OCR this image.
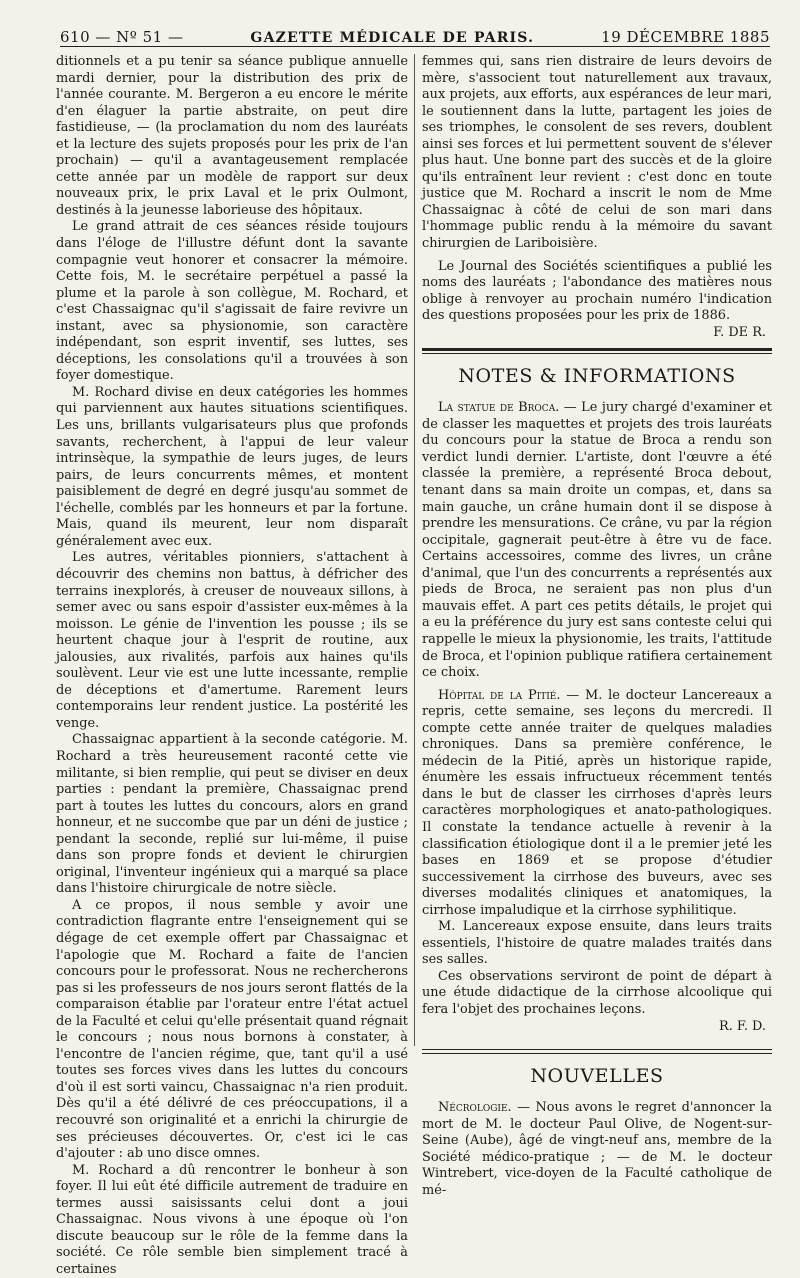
610 — Nº 51 —	GAZETTE MÉDICALE DE PARIS.	19 DÉCEMBRE 1885

ditionnels et a pu tenir sa séance publique annuelle mardi dernier, pour la distribution des prix de l'année courante. M. Bergeron a eu encore le mérite d'en élaguer la partie abstraite, on peut dire fastidieuse, — (la proclamation du nom des lauréats et la lecture des sujets proposés pour les prix de l'an prochain) — qu'il a avantageusement remplacée cette année par un modèle de rapport sur deux nouveaux prix, le prix Laval et le prix Oulmont, destinés à la jeunesse laborieuse des hôpitaux.

Le grand attrait de ces séances réside toujours dans l'éloge de l'illustre défunt dont la savante compagnie veut honorer et consacrer la mémoire. Cette fois, M. le secrétaire perpétuel a passé la plume et la parole à son collègue, M. Rochard, et c'est Chassaignac qu'il s'agissait de faire revivre un instant, avec sa physionomie, son caractère indépendant, son esprit inventif, ses luttes, ses déceptions, les consolations qu'il a trouvées à son foyer domestique.

M. Rochard divise en deux catégories les hommes qui parviennent aux hautes situations scientifiques. Les uns, brillants vulgarisateurs plus que profonds savants, recherchent, à l'appui de leur valeur intrinsèque, la sympathie de leurs juges, de leurs pairs, de leurs concurrents mêmes, et montent paisiblement de degré en degré jusqu'au sommet de l'échelle, comblés par les honneurs et par la fortune. Mais, quand ils meurent, leur nom disparaît généralement avec eux.

Les autres, véritables pionniers, s'attachent à découvrir des chemins non battus, à défricher des terrains inexplorés, à creuser de nouveaux sillons, à semer avec ou sans espoir d'assister eux-mêmes à la moisson. Le génie de l'invention les pousse ; ils se heurtent chaque jour à l'esprit de routine, aux jalousies, aux rivalités, parfois aux haines qu'ils soulèvent. Leur vie est une lutte incessante, remplie de déceptions et d'amertume. Rarement leurs contemporains leur rendent justice. La postérité les venge.

Chassaignac appartient à la seconde catégorie. M. Rochard a très heureusement raconté cette vie militante, si bien remplie, qui peut se diviser en deux parties : pendant la première, Chassaignac prend part à toutes les luttes du concours, alors en grand honneur, et ne succombe que par un déni de justice ; pendant la seconde, replié sur lui-même, il puise dans son propre fonds et devient le chirurgien original, l'inventeur ingénieux qui a marqué sa place dans l'histoire chirurgicale de notre siècle.

A ce propos, il nous semble y avoir une contradiction flagrante entre l'enseignement qui se dégage de cet exemple offert par Chassaignac et l'apologie que M. Rochard a faite de l'ancien concours pour le professorat. Nous ne rechercherons pas si les professeurs de nos jours seront flattés de la comparaison établie par l'orateur entre l'état actuel de la Faculté et celui qu'elle présentait quand régnait le concours ; nous nous bornons à constater, à l'encontre de l'ancien régime, que, tant qu'il a usé toutes ses forces vives dans les luttes du concours d'où il est sorti vaincu, Chassaignac n'a rien produit. Dès qu'il a été délivré de ces préoccupations, il a recouvré son originalité et a enrichi la chirurgie de ses précieuses découvertes. Or, c'est ici le cas d'ajouter : ab uno disce omnes.

M. Rochard a dû rencontrer le bonheur à son foyer. Il lui eût été difficile autrement de traduire en termes aussi saisissants celui dont a joui Chassaignac. Nous vivons à une époque où l'on discute beaucoup sur le rôle de la femme dans la société. Ce rôle semble bien simplement tracé à certaines

femmes qui, sans rien distraire de leurs devoirs de mère, s'associent tout naturellement aux travaux, aux projets, aux efforts, aux espérances de leur mari, le soutiennent dans la lutte, partagent les joies de ses triomphes, le consolent de ses revers, doublent ainsi ses forces et lui permettent souvent de s'élever plus haut. Une bonne part des succès et de la gloire qu'ils entraînent leur revient : c'est donc en toute justice que M. Rochard a inscrit le nom de Mme Chassaignac à côté de celui de son mari dans l'hommage public rendu à la mémoire du savant chirurgien de Lariboisière.

Le Journal des Sociétés scientifiques a publié les noms des lauréats ; l'abondance des matières nous oblige à renvoyer au prochain numéro l'indication des questions proposées pour les prix de 1886.

F. DE R.

NOTES & INFORMATIONS

La statue de Broca. — Le jury chargé d'examiner et de classer les maquettes et projets des trois lauréats du concours pour la statue de Broca a rendu son verdict lundi dernier. L'artiste, dont l'œuvre a été classée la première, a représenté Broca debout, tenant dans sa main droite un compas, et, dans sa main gauche, un crâne humain dont il se dispose à prendre les mensurations. Ce crâne, vu par la région occipitale, gagnerait peut-être à être vu de face. Certains accessoires, comme des livres, un crâne d'animal, que l'un des concurrents a représentés aux pieds de Broca, ne seraient pas non plus d'un mauvais effet. A part ces petits détails, le projet qui a eu la préférence du jury est sans conteste celui qui rappelle le mieux la physionomie, les traits, l'attitude de Broca, et l'opinion publique ratifiera certainement ce choix.

Hôpital de la Pitié. — M. le docteur Lancereaux a repris, cette semaine, ses leçons du mercredi. Il compte cette année traiter de quelques maladies chroniques. Dans sa première conférence, le médecin de la Pitié, après un historique rapide, énumère les essais infructueux récemment tentés dans le but de classer les cirrhoses d'après leurs caractères morphologiques et anato-pathologiques. Il constate la tendance actuelle à revenir à la classification étiologique dont il a le premier jeté les bases en 1869 et se propose d'étudier successivement la cirrhose des buveurs, avec ses diverses modalités cliniques et anatomiques, la cirrhose impaludique et la cirrhose syphilitique.

M. Lancereaux expose ensuite, dans leurs traits essentiels, l'histoire de quatre malades traités dans ses salles.

Ces observations serviront de point de départ à une étude didactique de la cirrhose alcoolique qui fera l'objet des prochaines leçons.

R. F. D.

NOUVELLES

Nécrologie. — Nous avons le regret d'annoncer la mort de M. le docteur Paul Olive, de Nogent-sur-Seine (Aube), âgé de vingt-neuf ans, membre de la Société médico-pratique ; — de M. le docteur Wintrebert, vice-doyen de la Faculté catholique de mé-
